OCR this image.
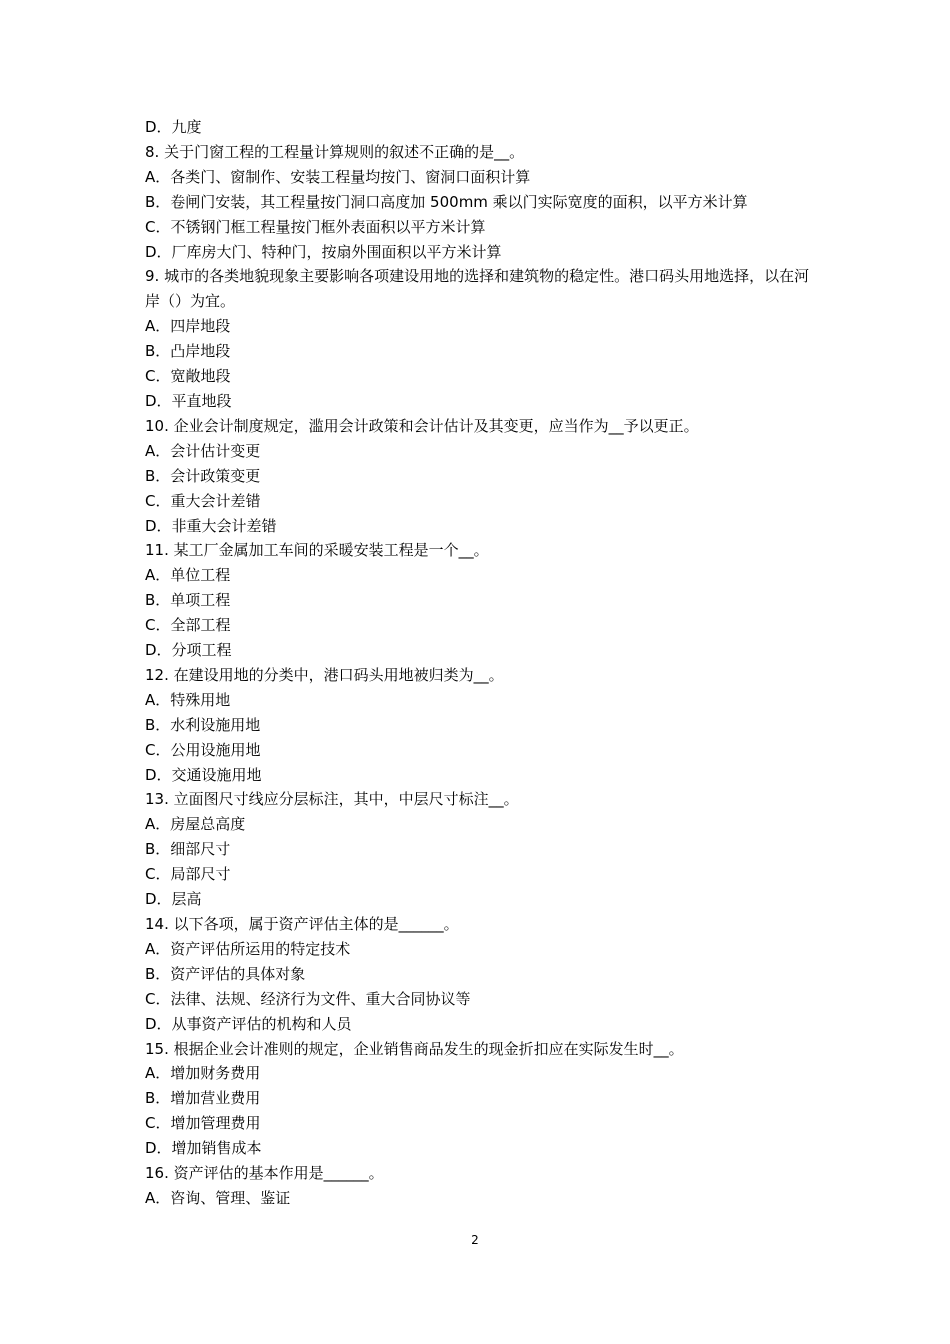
D．九度

8. 关于门窗工程的工程量计算规则的叙述不正确的是__。

A．各类门、窗制作、安装工程量均按门、窗洞口面积计算

B．卷闸门安装，其工程量按门洞口高度加 500mm 乘以门实际宽度的面积，以平方米计算

C．不锈钢门框工程量按门框外表面积以平方米计算

D．厂库房大门、特种门，按扇外围面积以平方米计算

9. 城市的各类地貌现象主要影响各项建设用地的选择和建筑物的稳定性。港口码头用地选择，以在河岸（）为宜。

A．四岸地段

B．凸岸地段

C．宽敞地段

D．平直地段

10. 企业会计制度规定，滥用会计政策和会计估计及其变更，应当作为__予以更正。

A．会计估计变更

B．会计政策变更

C．重大会计差错

D．非重大会计差错

11. 某工厂金属加工车间的采暖安装工程是一个__。

A．单位工程

B．单项工程

C．全部工程

D．分项工程

12. 在建设用地的分类中，港口码头用地被归类为__。

A．特殊用地

B．水利设施用地

C．公用设施用地

D．交通设施用地

13. 立面图尺寸线应分层标注，其中，中层尺寸标注__。

A．房屋总高度

B．细部尺寸

C．局部尺寸

D．层高

14. 以下各项，属于资产评估主体的是______。

A．资产评估所运用的特定技术

B．资产评估的具体对象

C．法律、法规、经济行为文件、重大合同协议等

D．从事资产评估的机构和人员

15. 根据企业会计准则的规定，企业销售商品发生的现金折扣应在实际发生时__。

A．增加财务费用

B．增加营业费用

C．增加管理费用

D．增加销售成本

16. 资产评估的基本作用是______。

A．咨询、管理、鉴证

2
